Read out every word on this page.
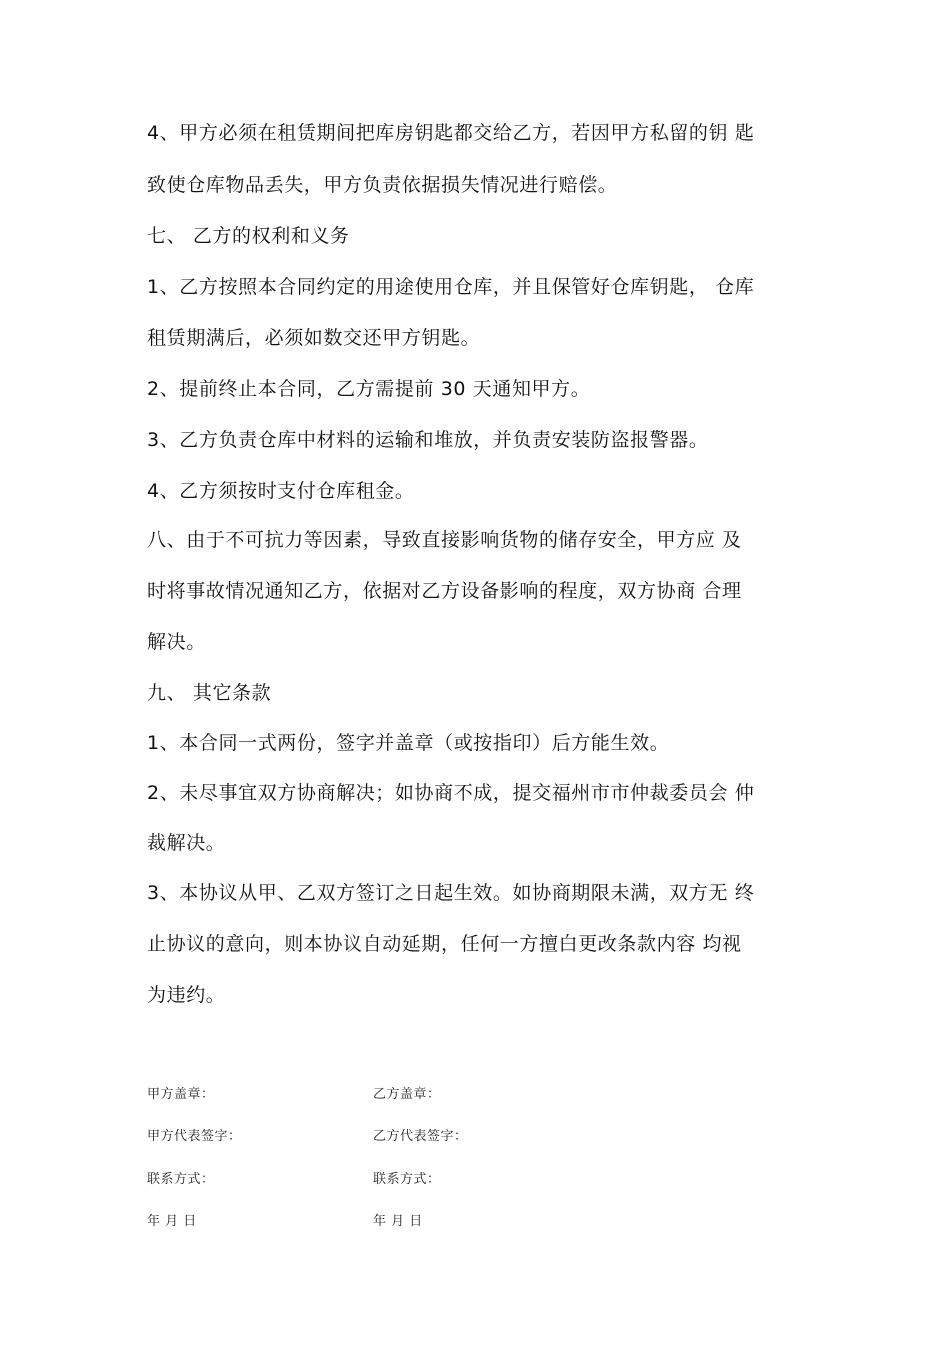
4、甲方必须在租赁期间把库房钥匙都交给乙方，若因甲方私留的钥 匙
致使仓库物品丢失，甲方负责依据损失情况进行赔偿。
七、 乙方的权利和义务
1、乙方按照本合同约定的用途使用仓库，并且保管好仓库钥匙， 仓库
租赁期满后，必须如数交还甲方钥匙。
2、提前终止本合同，乙方需提前 30 天通知甲方。
3、乙方负责仓库中材料的运输和堆放，并负责安装防盗报警器。
4、乙方须按时支付仓库租金。
八、由于不可抗力等因素，导致直接影响货物的储存安全，甲方应 及
时将事故情况通知乙方，依据对乙方设备影响的程度，双方协商 合理
解决。
九、 其它条款
1、本合同一式两份，签字并盖章（或按指印）后方能生效。
2、未尽事宜双方协商解决；如协商不成，提交福州市市仲裁委员会 仲
裁解决。
3、本协议从甲、乙双方签订之日起生效。如协商期限未满，双方无 终
止协议的意向，则本协议自动延期，任何一方擅白更改条款内容 均视
为违约。
甲方盖章：	乙方盖章：
甲方代表签字：	乙方代表签字：
联系方式：	联系方式：
年 月 日	年 月 日
